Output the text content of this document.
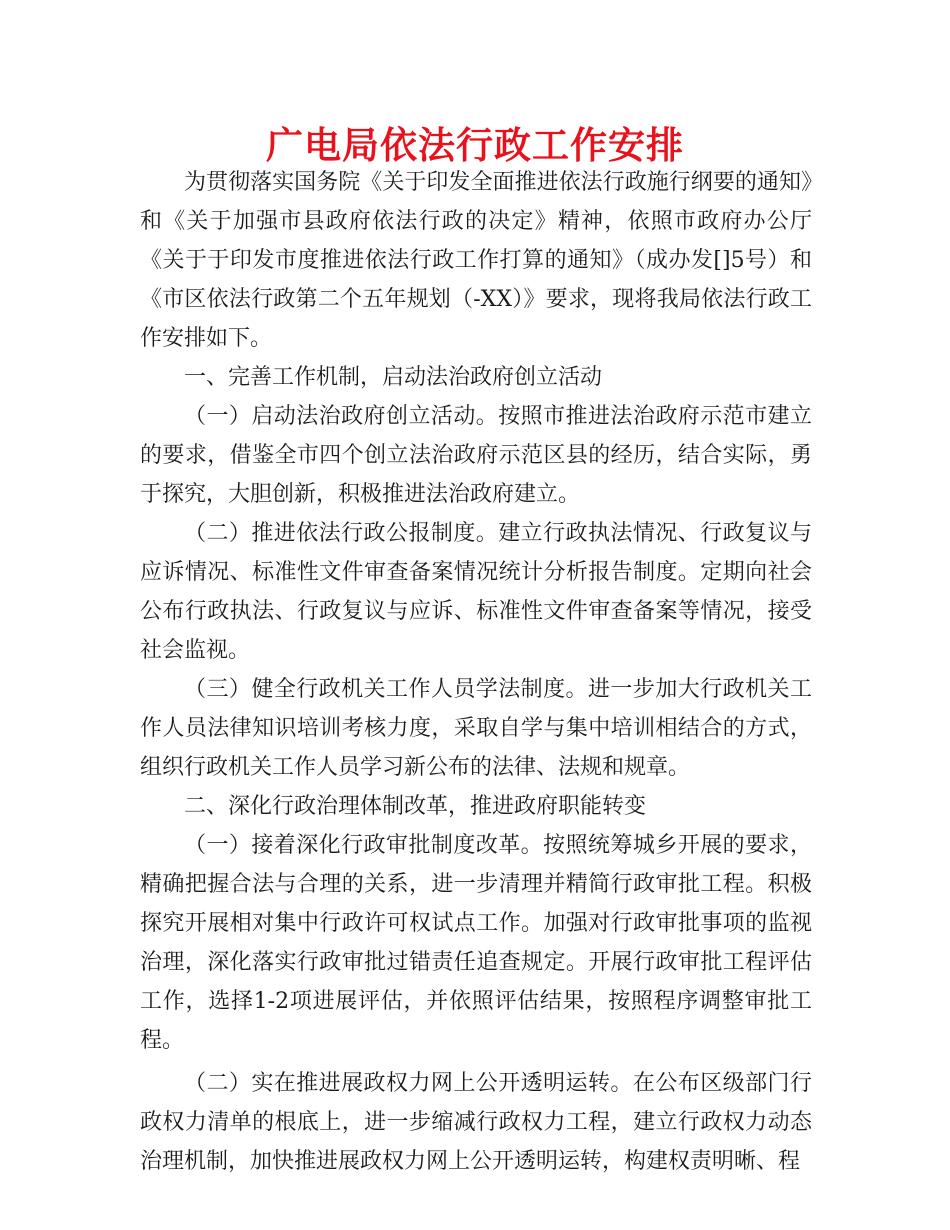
广电局依法行政工作安排

为贯彻落实国务院《关于印发全面推进依法行政施行纲要的通知》和《关于加强市县政府依法行政的决定》精神，依照市政府办公厅《关于于印发市度推进依法行政工作打算的通知》（成办发[]5号）和《市区依法行政第二个五年规划（-XX）》要求，现将我局依法行政工作安排如下。

一、完善工作机制，启动法治政府创立活动

（一）启动法治政府创立活动。按照市推进法治政府示范市建立的要求，借鉴全市四个创立法治政府示范区县的经历，结合实际，勇于探究，大胆创新，积极推进法治政府建立。

（二）推进依法行政公报制度。建立行政执法情况、行政复议与应诉情况、标准性文件审查备案情况统计分析报告制度。定期向社会公布行政执法、行政复议与应诉、标准性文件审查备案等情况，接受社会监视。

（三）健全行政机关工作人员学法制度。进一步加大行政机关工作人员法律知识培训考核力度，采取自学与集中培训相结合的方式，组织行政机关工作人员学习新公布的法律、法规和规章。

二、深化行政治理体制改革，推进政府职能转变

（一）接着深化行政审批制度改革。按照统筹城乡开展的要求，精确把握合法与合理的关系，进一步清理并精简行政审批工程。积极探究开展相对集中行政许可权试点工作。加强对行政审批事项的监视治理，深化落实行政审批过错责任追查规定。开展行政审批工程评估工作，选择1-2项进展评估，并依照评估结果，按照程序调整审批工程。

（二）实在推进展政权力网上公开透明运转。在公布区级部门行政权力清单的根底上，进一步缩减行政权力工程，建立行政权力动态治理机制，加快推进展政权力网上公开透明运转，构建权责明晰、程
